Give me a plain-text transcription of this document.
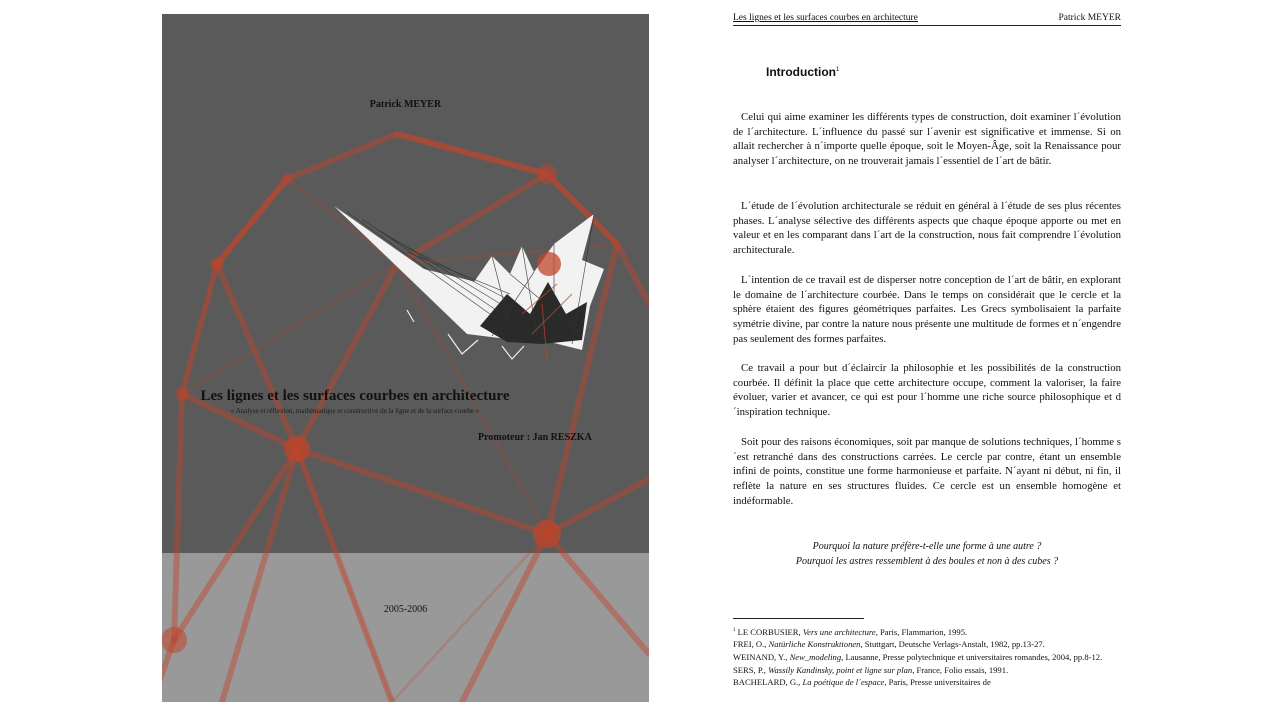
Patrick MEYER
Les lignes et les surfaces courbes en architecture
« Analyse et réflexion, mathématique et constructive de la ligne et de la surface courbe »
Promoteur : Jan RESZKA
2005-2006
Les lignes et les surfaces courbes en architecture	Patrick MEYER
Introduction$^1$

Celui qui aime examiner les différents types de construction, doit examiner l´évolution de l´architecture. L´influence du passé sur l´avenir est significative et immense. Si on allait rechercher à n´importe quelle époque, soit le Moyen-Âge, soit la Renaissance pour analyser l´architecture, on ne trouverait jamais l´essentiel de l´art de bâtir.

L´étude de l´évolution architecturale se réduit en général à l´étude de ses plus récentes phases. L´analyse sélective des différents aspects que chaque époque apporte ou met en valeur et en les comparant dans l´art de la construction, nous fait comprendre l´évolution architecturale.

L´intention de ce travail est de disperser notre conception de l´art de bâtir, en explorant le domaine de l´architecture courbée. Dans le temps on considérait que le cercle et la sphère étaient des figures géométriques parfaites. Les Grecs symbolisaient la parfaite symétrie divine, par contre la nature nous présente une multitude de formes et n´engendre pas seulement des formes parfaites.

Ce travail a pour but d´éclaircir la philosophie et les possibilités de la construction courbée. Il définit la place que cette architecture occupe, comment la valoriser, la faire évoluer, varier et avancer, ce qui est pour l´homme une riche source philosophique et d´inspiration technique.

Soit pour des raisons économiques, soit par manque de solutions techniques, l´homme s´est retranché dans des constructions carrées. Le cercle par contre, étant un ensemble infini de points, constitue une forme harmonieuse et parfaite. N´ayant ni début, ni fin, il reflète la nature en ses structures fluides. Ce cercle est un ensemble homogène et indéformable.

Pourquoi la nature préfère-t-elle une forme à une autre ?
Pourquoi les astres ressemblent à des boules et non à des cubes ?
$^1$ LE CORBUSIER, Vers une architecture, Paris, Flammarion, 1995.
FREI, O., Natürliche Konstruktionen, Stuttgart, Deutsche Verlags-Anstalt, 1982, pp.13-27.
WEINAND, Y., New_modeling, Lausanne, Presse polytechnique et universitaires romandes, 2004, pp.8-12.
SERS, P., Wassily Kandinsky, point et ligne sur plan, France, Folio essais, 1991.
BACHELARD, G., La poétique de l´espace, Paris, Presse universitaires de
